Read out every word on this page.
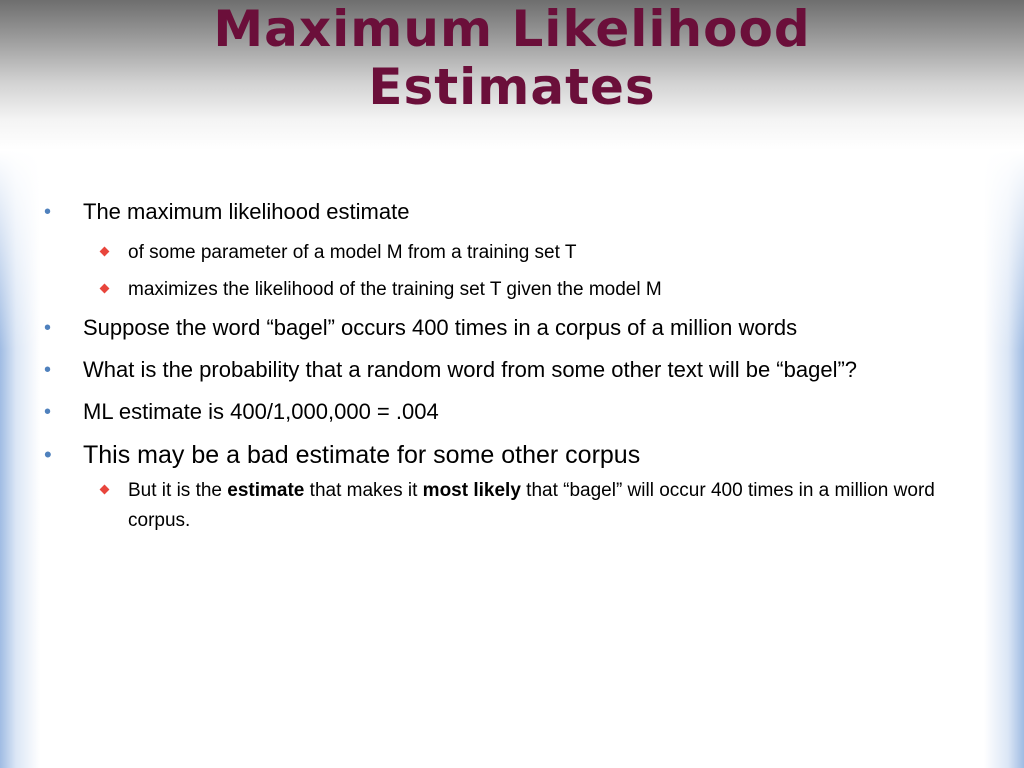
Maximum Likelihood
Estimates
• The maximum likelihood estimate
of some parameter of a model M from a training set T
maximizes the likelihood of the training set T given the model M
• Suppose the word “bagel” occurs 400 times in a corpus of a million words
• What is the probability that a random word from some other text will be “bagel”?
• ML estimate is 400/1,000,000 = .004
• This may be a bad estimate for some other corpus
But it is the estimate that makes it most likely that “bagel” will occur 400 times in a million word corpus.
